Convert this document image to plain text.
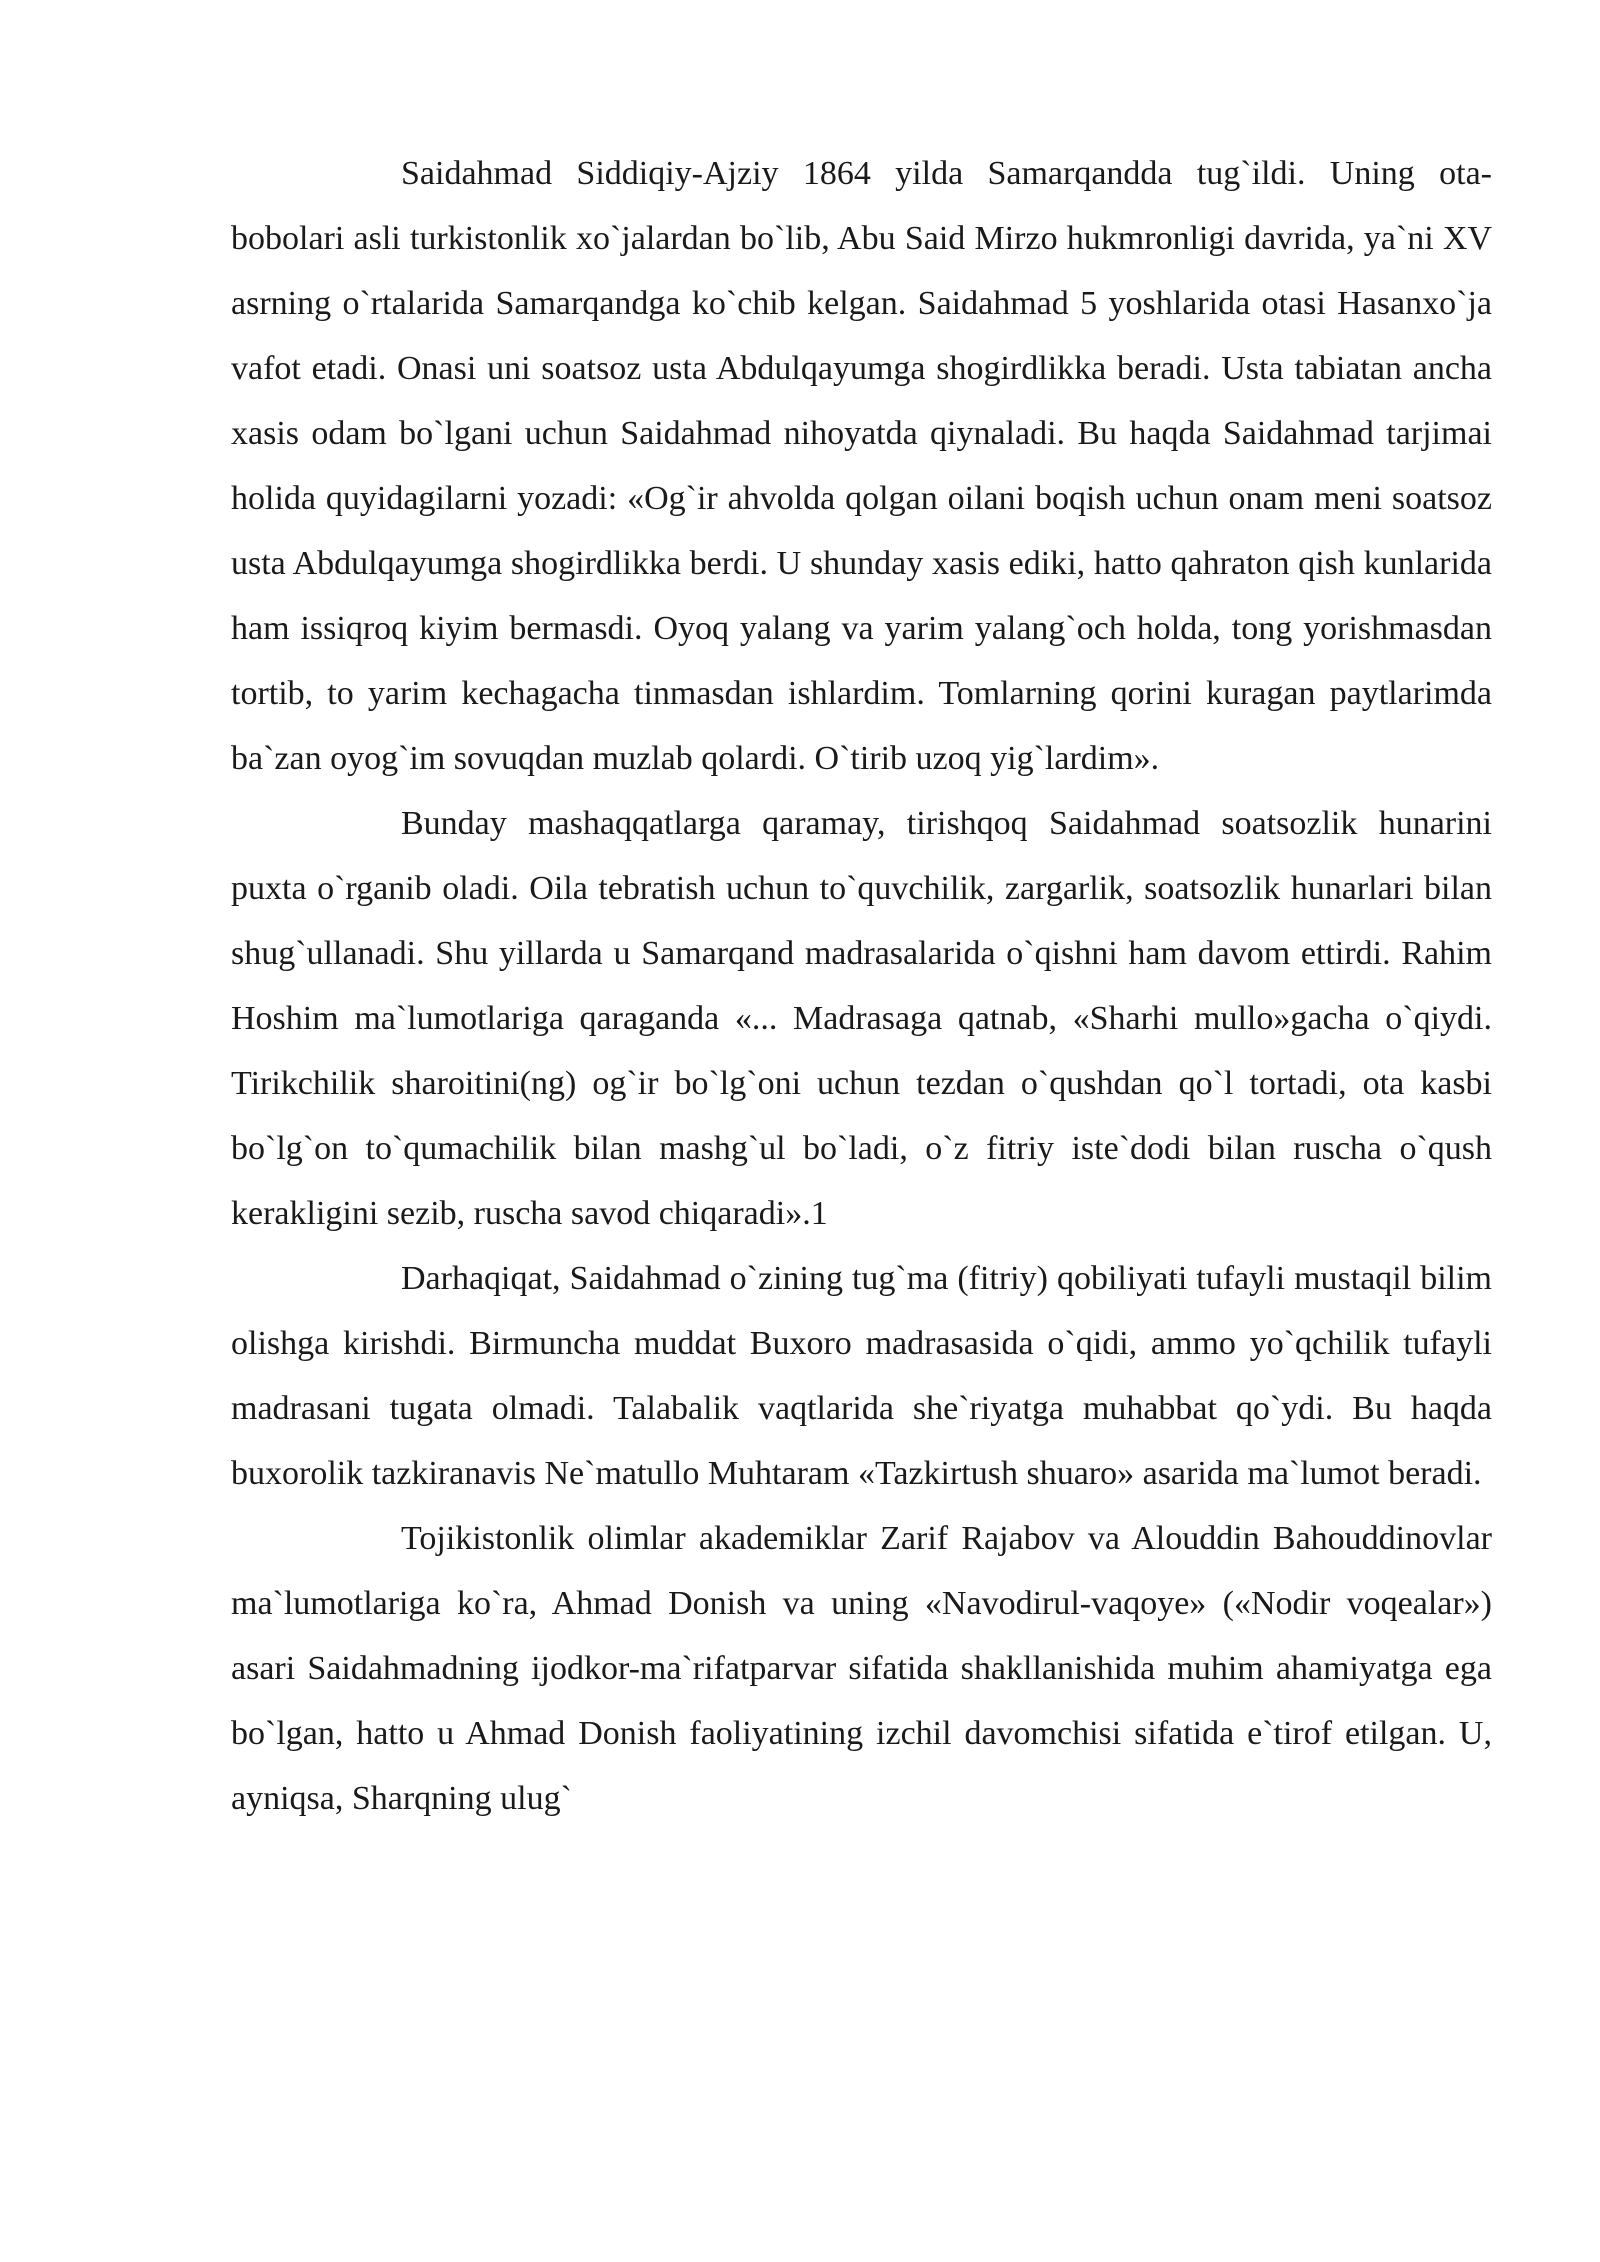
Saidahmad Siddiqiy-Ajziy 1864 yilda Samarqandda tug`ildi. Uning ota-bobolari asli turkistonlik xo`jalardan bo`lib, Abu Said Mirzo hukmronligi davrida, ya`ni XV asrning o`rtalarida Samarqandga ko`chib kelgan. Saidahmad 5 yoshlarida otasi Hasanxo`ja vafot etadi. Onasi uni soatsoz usta Abdulqayumga shogirdlikka beradi. Usta tabiatan ancha xasis odam bo`lgani uchun Saidahmad nihoyatda qiynaladi. Bu haqda Saidahmad tarjimai holida quyidagilarni yozadi: «Og`ir ahvolda qolgan oilani boqish uchun onam meni soatsoz usta Abdulqayumga shogirdlikka berdi. U shunday xasis ediki, hatto qahraton qish kunlarida ham issiqroq kiyim bermasdi. Oyoq yalang va yarim yalang`och holda, tong yorishmasdan tortib, to yarim kechagacha tinmasdan ishlardim. Tomlarning qorini kuragan paytlarimda ba`zan oyog`im sovuqdan muzlab qolardi. O`tirib uzoq yig`lardim».

Bunday mashaqqatlarga qaramay, tirishqoq Saidahmad soatsozlik hunarini puxta o`rganib oladi. Oila tebratish uchun to`quvchilik, zargarlik, soatsozlik hunarlari bilan shug`ullanadi. Shu yillarda u Samarqand madrasalarida o`qishni ham davom ettirdi. Rahim Hoshim ma`lumotlariga qaraganda «... Madrasaga qatnab, «Sharhi mullo»gacha o`qiydi. Tirikchilik sharoitini(ng) og`ir bo`lg`oni uchun tezdan o`qushdan qo`l tortadi, ota kasbi bo`lg`on to`qumachilik bilan mashg`ul bo`ladi, o`z fitriy iste`dodi bilan ruscha o`qush kerakligini sezib, ruscha savod chiqaradi».1

Darhaqiqat, Saidahmad o`zining tug`ma (fitriy) qobiliyati tufayli mustaqil bilim olishga kirishdi. Birmuncha muddat Buxoro madrasasida o`qidi, ammo yo`qchilik tufayli madrasani tugata olmadi. Talabalik vaqtlarida she`riyatga muhabbat qo`ydi. Bu haqda buxorolik tazkiranavis Ne`matullo Muhtaram «Tazkirtush shuaro» asarida ma`lumot beradi.

Tojikistonlik olimlar akademiklar Zarif Rajabov va Alouddin Bahouddinovlar ma`lumotlariga ko`ra, Ahmad Donish va uning «Navodirul-vaqoye» («Nodir voqealar») asari Saidahmadning ijodkor-ma`rifatparvar sifatida shakllanishida muhim ahamiyatga ega bo`lgan, hatto u Ahmad Donish faoliyatining izchil davomchisi sifatida e`tirof etilgan. U, ayniqsa, Sharqning ulug`
